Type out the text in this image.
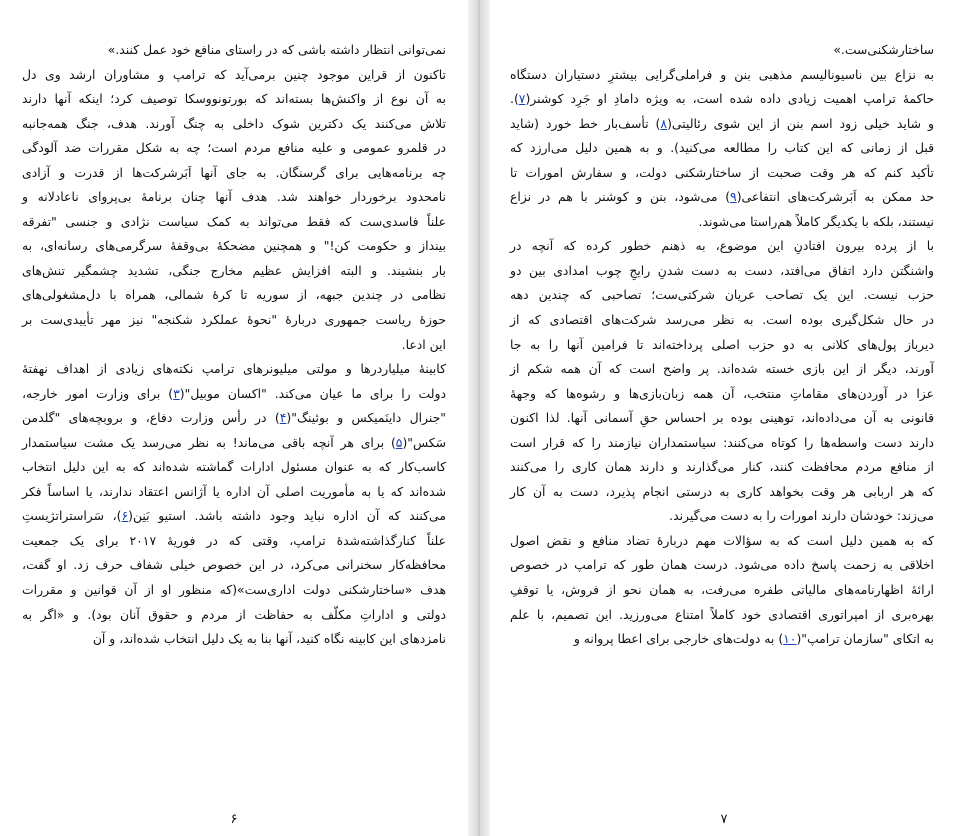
نمی‌توانی انتظار داشته باشی که در راستای منافع خود عمل کنند.»
تاکنون از قراین موجود چنین برمی‌آید که ترامپ و مشاوران ارشد وی دل
به آن نوع از واکنش‌ها بسته‌اند که بورتونووسکا توصیف کرد؛ اینکه آنها دارند
تلاش می‌کنند یک دکترین شوک داخلی به چنگ آورند. هدف، جنگ همه‌جانبه
در قلمرو عمومی و علیه منافع مردم است؛ چه به شکل مقررات ضد آلودگی
چه برنامه‌هایی برای گرسنگان. به جای آنها اَبَرشرکت‌ها از قدرت و آزادی
نامحدود برخوردار خواهند شد. هدف آنها چنان برنامهٔ بی‌پروای ناعادلانه و
علناً فاسدی‌ست که فقط می‌تواند به کمک سیاست نژادی و جنسی "تفرقه
بینداز و حکومت کن!" و همچنین مضحکهٔ بی‌وقفهٔ سرگرمی‌های رسانه‌ای، به
بار بنشیند. و البته افزایش عظیم مخارج جنگی، تشدید چشمگیر تنش‌های
نظامی در چندین جبهه، از سوریه تا کرهٔ شمالی، همراه با دل‌مشغولی‌های
حوزهٔ ریاست جمهوری دربارهٔ "نحوهٔ عملکرد شکنجه" نیز مهر تأییدی‌ست بر
این ادعا.
کابینهٔ میلیاردرها و مولتی میلیونرهای ترامپ نکته‌های زیادی از اهداف نهفتهٔ
دولت را برای ما عیان می‌کند. "اکسان موبیل"(۳) برای وزارت امور خارجه،
"جنرال داینَمیکس و بوئینگ"(۴) در رأس وزارت دفاع، و بروبچه‌های "گلدمن
سَکس"(۵) برای هر آنچه باقی می‌ماند! به نظر می‌رسد یک مشت سیاستمدار
کاسب‌کار که به عنوان مسئول ادارات گماشته شده‌اند که به این دلیل انتخاب
شده‌اند که یا به مأموریت اصلی آن اداره یا آژانس اعتقاد ندارند، یا اساساً فکر
می‌کنند که آن اداره نباید وجود داشته باشد. استیو بَنِن(۶)، سَراستراتژیستِ
علناً کنارگذاشته‌شدهٔ ترامپ، وقتی که در فوریهٔ ۲۰۱۷ برای یک جمعیت
محافظه‌کار سخنرانی می‌کرد، در این خصوص خیلی شفاف حرف زد. او گفت،
هدف «ساختارشکنی دولت اداری‌ست»(که منظور او از آن قوانین و مقررات
دولتی و اداراتِ مکلّف به حفاظت از مردم و حقوق آنان بود). و «اگر به
نامزدهای این کابینه نگاه کنید، آنها بنا به یک دلیل انتخاب شده‌اند، و آن
۶
ساختارشکنی‌ست.»
به نزاع بین ناسیونالیسم مذهبی بنن و فراملی‌گرایی بیشترِ دستیاران دستگاه
حاکمهٔ ترامپ اهمیت زیادی داده شده است، به ویژه دامادِ او جَرِد کوشنر(۷).
و شاید خیلی زود اسم بنن از این شوی رئالیتی(۸) تأسف‌بار خط خورد (شاید
قبل از زمانی که این کتاب را مطالعه می‌کنید). و به همین دلیل می‌ارزد که
تأکید کنم که هر وقت صحبت از ساختارشکنی دولت، و سفارش امورات تا
حد ممکن به اَبَرشرکت‌های انتفاعی(۹) می‌شود، بنن و کوشنر با هم در نزاع
نیستند، بلکه با یکدیگر کاملاً هم‌راستا می‌شوند.
با از پرده بیرون افتادنِ این موضوع، به ذهنم خطور کرده که آنچه در
واشنگتن دارد اتفاق می‌افتد، دست به دست شدنِ رایجِ چوب امدادی بین دو
حزب نیست. این یک تصاحب عریان شرکتی‌ست؛ تصاحبی که چندین دهه
در حال شکل‌گیری بوده است. به نظر می‌رسد شرکت‌های اقتصادی که از
دیرباز پول‌های کلانی به دو حزب اصلی پرداخته‌اند تا فرامین آنها را به جا
آورند، دیگر از این بازی خسته شده‌اند. پر واضح است که آن همه شکم از
عزا در آوردن‌های مقاماتِ منتخب، آن همه زبان‌بازی‌ها و رشوه‌ها که وجههٔ
قانونی به آن می‌داده‌اند، توهینی بوده بر احساس حقِ آسمانی آنها. لذا اکنون
دارند دست واسطه‌ها را کوتاه می‌کنند: سیاستمداران نیازمند را که قرار است
از منافع مردم محافظت کنند، کنار می‌گذارند و دارند همان کاری را می‌کنند
که هر اربابی هر وقت بخواهد کاری به درستی انجام پذیرد، دست به آن کار
می‌زند: خودشان دارند امورات را به دست می‌گیرند.
که به همین دلیل است که به سؤالات مهم دربارهٔ تضاد منافع و نقض اصول
اخلاقی به زحمت پاسخ داده می‌شود. درست همان طور که ترامپ در خصوص
ارائهٔ اظهارنامه‌های مالیاتی طفره می‌رفت، به همان نحو از فروش، یا توقفِ
بهره‌بری از امپراتوری اقتصادی خود کاملاً امتناع می‌ورزید. این تصمیم، با علم
به اتکای "سازمان ترامپ"(۱۰) به دولت‌های خارجی برای اعطا پروانه و
۷
